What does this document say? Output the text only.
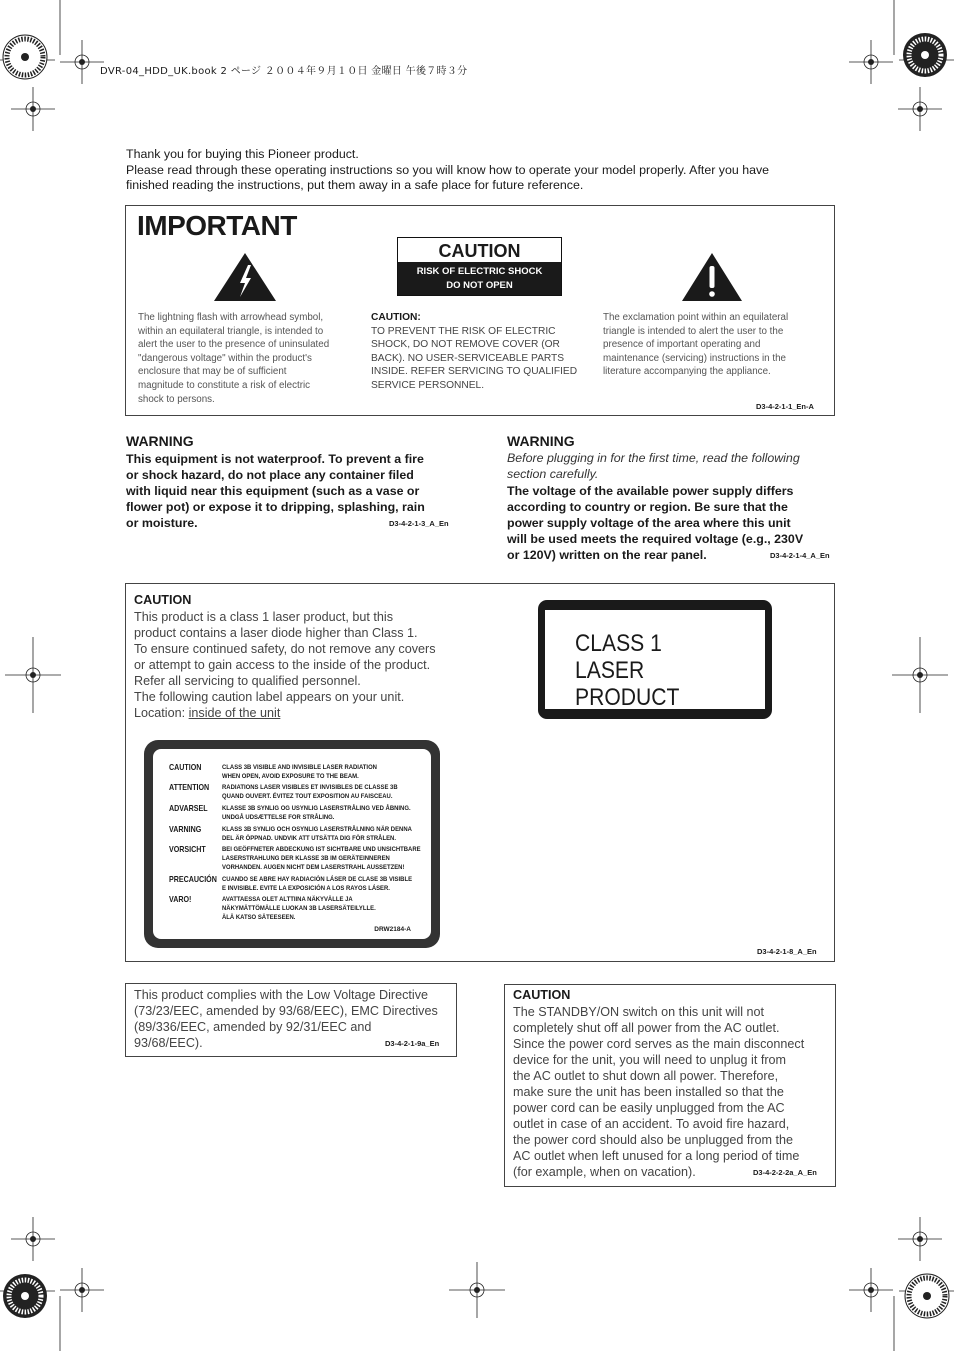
DVR-04_HDD_UK.book 2 ページ ２００４年９月１０日 金曜日 午後７時３分
Thank you for buying this Pioneer product.
Please read through these operating instructions so you will know how to operate your model properly. After you have
finished reading the instructions, put them away in a safe place for future reference.
IMPORTANT
CAUTION
RISK OF ELECTRIC SHOCK
DO NOT OPEN
The lightning flash with arrowhead symbol,
within an equilateral triangle, is intended to
alert the user to the presence of uninsulated
"dangerous voltage" within the product's
enclosure that may be of sufficient
magnitude to constitute a risk of electric
shock to persons.
CAUTION:
TO PREVENT THE RISK OF ELECTRIC
SHOCK, DO NOT REMOVE COVER (OR
BACK). NO USER-SERVICEABLE PARTS
INSIDE. REFER SERVICING TO QUALIFIED
SERVICE PERSONNEL.
The exclamation point within an equilateral
triangle is intended to alert the user to the
presence of important operating and
maintenance (servicing) instructions in the
literature accompanying the appliance.
D3-4-2-1-1_En-A
WARNING
This equipment is not waterproof. To prevent a fire
or shock hazard, do not place any container filed
with liquid near this equipment (such as a vase or
flower pot) or expose it to dripping, splashing, rain
or moisture.	D3-4-2-1-3_A_En
WARNING
Before plugging in for the first time, read the following
section carefully.
The voltage of the available power supply differs
according to country or region. Be sure that the
power supply voltage of the area where this unit
will be used meets the required voltage (e.g., 230V
or 120V) written on the rear panel.	D3-4-2-1-4_A_En
CAUTION
This product is a class 1 laser product, but this
product contains a laser diode higher than Class 1.
To ensure continued safety, do not remove any covers
or attempt to gain access to the inside of the product.
Refer all servicing to qualified personnel.
The following caution label appears on your unit.
Location: inside of the unit
CLASS 1
LASER PRODUCT
CAUTION	CLASS 3B VISIBLE AND INVISIBLE LASER RADIATION
WHEN OPEN, AVOID EXPOSURE TO THE BEAM.
ATTENTION RADIATIONS LASER VISIBLES ET INVISIBLES DE CLASSE 3B
QUAND OUVERT. ÉVITEZ TOUT EXPOSITION AU FAISCEAU.
ADVARSEL	KLASSE 3B SYNLIG OG USYNLIG LASERSTRÅLING VED ÅBNING.
UNDGÅ UDSÆTTELSE FOR STRÅLING.
VARNING	KLASS 3B SYNLIG OCH OSYNLIG LASERSTRÅLNING NÄR DENNA
DEL ÄR ÖPPNAD. UNDVIK ATT UTSÄTTA DIG FÖR STRÅLEN.
VORSICHT	BEI GEÖFFNETER ABDECKUNG IST SICHTBARE UND UNSICHTBARE
LASERSTRAHLUNG DER KLASSE 3B IM GERÄTEINNEREN
VORHANDEN. AUGEN NICHT DEM LASERSTRAHL AUSSETZEN!
PRECAUCIÓN CUANDO SE ABRE HAY RADIACIÓN LÁSER DE CLASE 3B VISIBLE
E INVISIBLE. EVITE LA EXPOSICIÓN A LOS RAYOS LÁSER.
VARO!	AVATTAESSA OLET ALTTIINA NÄKYVÄLLE JA
NÄKYMÄTTÖMÄLLE LUOKAN 3B LASERSÄTEILYLLE.
ÄLÄ KATSO SÄTEESEEN.
DRW2184-A
D3-4-2-1-8_A_En
This product complies with the Low Voltage Directive
(73/23/EEC, amended by 93/68/EEC), EMC Directives
(89/336/EEC, amended by 92/31/EEC and
93/68/EEC).	D3-4-2-1-9a_En
CAUTION
The STANDBY/ON switch on this unit will not
completely shut off all power from the AC outlet.
Since the power cord serves as the main disconnect
device for the unit, you will need to unplug it from
the AC outlet to shut down all power. Therefore,
make sure the unit has been installed so that the
power cord can be easily unplugged from the AC
outlet in case of an accident. To avoid fire hazard,
the power cord should also be unplugged from the
AC outlet when left unused for a long period of time
(for example, when on vacation).	D3-4-2-2-2a_A_En
